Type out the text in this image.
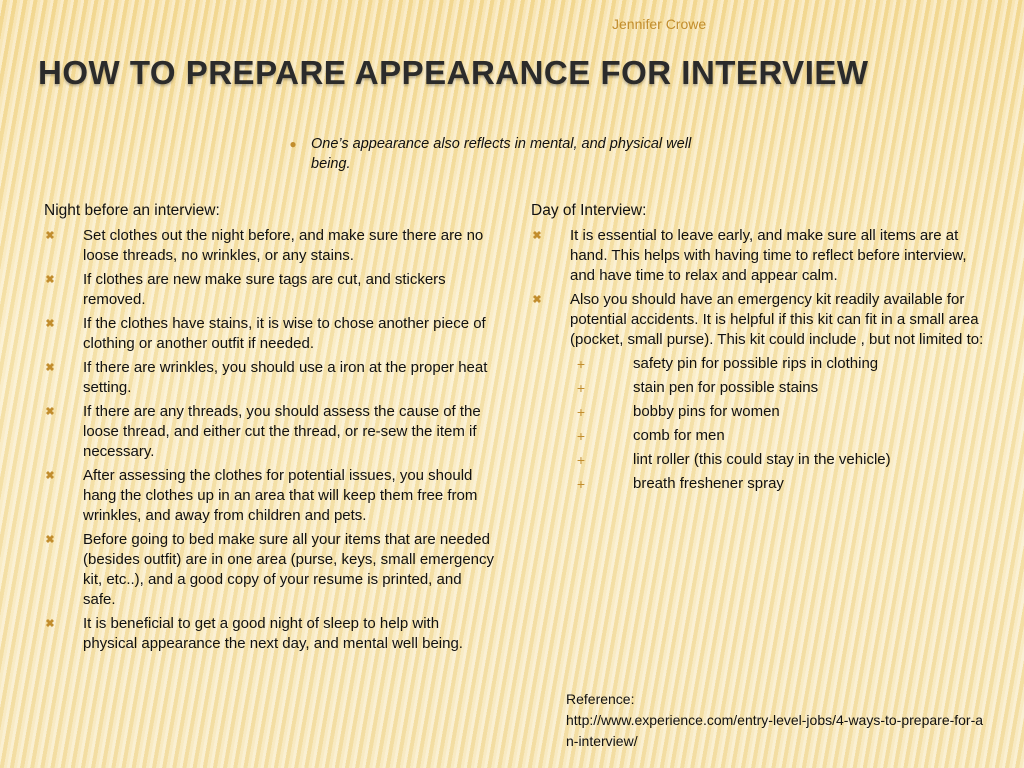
Jennifer Crowe
HOW TO PREPARE APPEARANCE FOR INTERVIEW
● One’s appearance also reflects in mental, and physical well being.
Night before an interview:
✖ Set clothes out the night before, and make sure there are no loose threads, no wrinkles, or any stains.
✖ If clothes are new make sure tags are cut, and stickers removed.
✖ If the clothes have stains, it is wise to chose another piece of clothing or another outfit if needed.
✖ If there are wrinkles, you should use a iron at the proper heat setting.
✖ If there are any threads, you should assess the cause of the loose thread, and either cut the thread, or re-sew the item if necessary.
✖ After assessing the clothes for potential issues, you should hang the clothes up in an area that will keep them free from wrinkles, and away from children and pets.
✖ Before going to bed make sure all your items that are needed (besides outfit) are in one area (purse, keys, small emergency kit, etc..), and a good copy of your resume is printed, and safe.
✖ It is beneficial to get a good night of sleep to help with physical appearance the next day, and mental well being.
Day of Interview:
✖ It is essential to leave early, and make sure all items are at hand. This helps with having time to reflect before interview, and have time to relax and appear calm.
✖ Also you should have an emergency kit readily available for potential accidents. It is helpful if this kit can fit in a small area (pocket, small purse). This kit could include , but not limited to:
+	safety pin for possible rips in clothing
+	stain pen for possible stains
+	bobby pins for women
+	comb for men
+	lint roller (this could stay in the vehicle)
+	breath freshener spray
Reference:
http://www.experience.com/entry-level-jobs/4-ways-to-prepare-for-an-interview/
